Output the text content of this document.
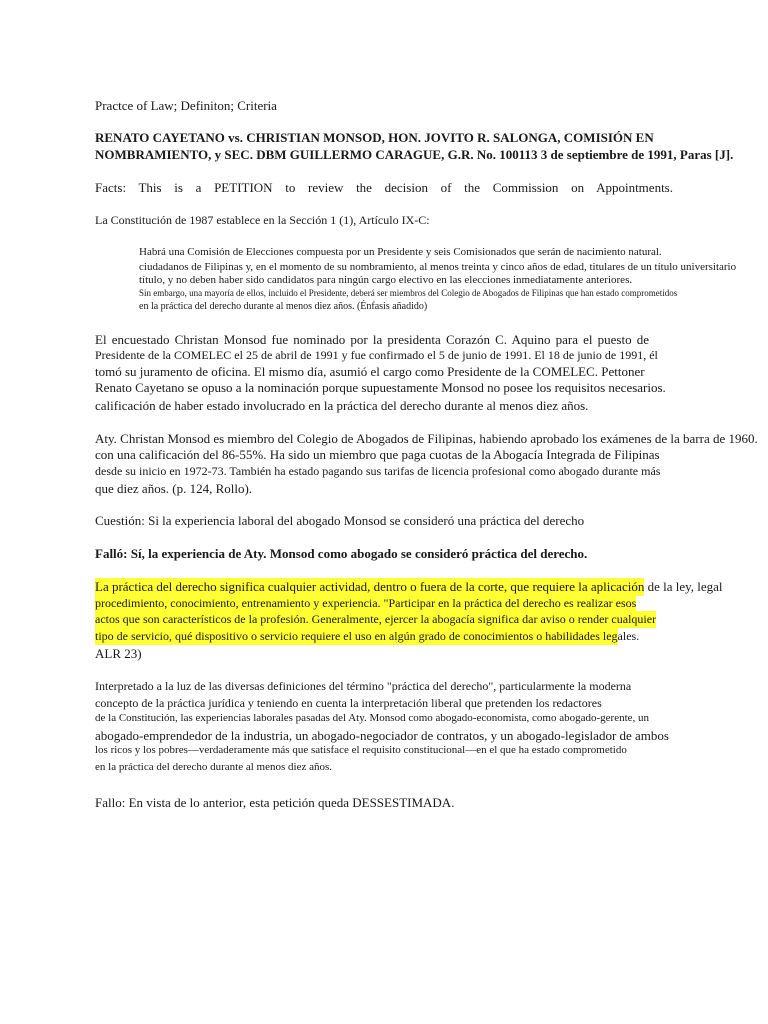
Practce of Law; Definiton; Criteria
RENATO CAYETANO vs. CHRISTIAN MONSOD, HON. JOVITO R. SALONGA, COMISIÓN EN
NOMBRAMIENTO, y SEC. DBM GUILLERMO CARAGUE, G.R. No. 100113 3 de septiembre de 1991, Paras [J].
Facts: This is a PETITION to review the decision of the Commission on Appointments.
La Constitución de 1987 establece en la Sección 1 (1), Artículo IX-C:
Habrá una Comisión de Elecciones compuesta por un Presidente y seis Comisionados que serán de nacimiento natural.
ciudadanos de Filipinas y, en el momento de su nombramiento, al menos treinta y cinco años de edad, titulares de un título universitario
título, y no deben haber sido candidatos para ningún cargo electivo en las elecciones inmediatamente anteriores.
Sin embargo, una mayoría de ellos, incluido el Presidente, deberá ser miembros del Colegio de Abogados de Filipinas que han estado comprometidos
en la práctica del derecho durante al menos diez años. (Énfasis añadido)
El encuestado Christan Monsod fue nominado por la presidenta Corazón C. Aquino para el puesto de
Presidente de la COMELEC el 25 de abril de 1991 y fue confirmado el 5 de junio de 1991. El 18 de junio de 1991, él
tomó su juramento de oficina. El mismo día, asumió el cargo como Presidente de la COMELEC. Pettoner
Renato Cayetano se opuso a la nominación porque supuestamente Monsod no posee los requisitos necesarios.
calificación de haber estado involucrado en la práctica del derecho durante al menos diez años.
Aty. Christan Monsod es miembro del Colegio de Abogados de Filipinas, habiendo aprobado los exámenes de la barra de 1960.
con una calificación del 86-55%. Ha sido un miembro que paga cuotas de la Abogacía Integrada de Filipinas
desde su inicio en 1972-73. También ha estado pagando sus tarifas de licencia profesional como abogado durante más
que diez años. (p. 124, Rollo).
Cuestión: Si la experiencia laboral del abogado Monsod se consideró una práctica del derecho
Falló: Sí, la experiencia de Aty. Monsod como abogado se consideró práctica del derecho.
La práctica del derecho significa cualquier actividad, dentro o fuera de la corte, que requiere la aplicación de la ley, legal
procedimiento, conocimiento, entrenamiento y experiencia. "Participar en la práctica del derecho es realizar esos
actos que son característicos de la profesión. Generalmente, ejercer la abogacía significa dar aviso o render cualquier
tipo de servicio, qué dispositivo o servicio requiere el uso en algún grado de conocimientos o habilidades legales.
ALR 23)
Interpretado a la luz de las diversas definiciones del término "práctica del derecho", particularmente la moderna
concepto de la práctica jurídica y teniendo en cuenta la interpretación liberal que pretenden los redactores
de la Constitución, las experiencias laborales pasadas del Aty. Monsod como abogado-economista, como abogado-gerente, un
abogado-emprendedor de la industria, un abogado-negociador de contratos, y un abogado-legislador de ambos
los ricos y los pobres—verdaderamente más que satisface el requisito constitucional—en el que ha estado comprometido
en la práctica del derecho durante al menos diez años.
Fallo: En vista de lo anterior, esta petición queda DESSESTIMADA.
